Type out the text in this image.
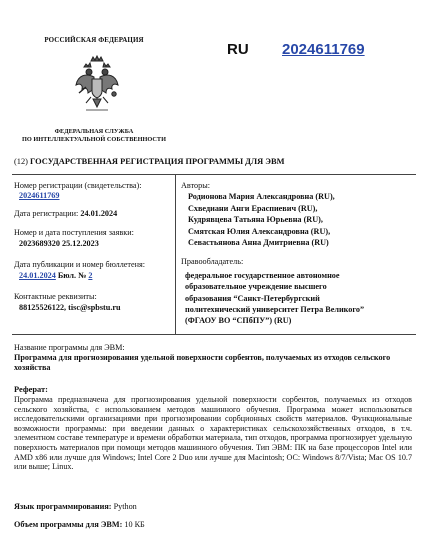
РОССИЙСКАЯ ФЕДЕРАЦИЯ
ФЕДЕРАЛЬНАЯ СЛУЖБА
ПО ИНТЕЛЛЕКТУАЛЬНОЙ СОБСТВЕННОСТИ
RU 2024611769
(12) ГОСУДАРСТВЕННАЯ РЕГИСТРАЦИЯ ПРОГРАММЫ ДЛЯ ЭВМ
Номер регистрации (свидетельства):
2024611769
Дата регистрации: 24.01.2024
Номер и дата поступления заявки:
2023689320 25.12.2023
Дата публикации и номер бюллетеня:
24.01.2024 Бюл. № 2
Контактные реквизиты:
88125526122, tisc@spbstu.ru
Авторы:
Родионова Мария Александровна (RU),
Схведиани Анги Ераспиевич (RU),
Кудрявцева Татьяна Юрьевна (RU),
Смятская Юлия Александровна (RU),
Севастьянова Анна Дмитриевна (RU)
Правообладатель:
федеральное государственное автономное
образовательное учреждение высшего
образования “Санкт-Петербургский
политехнический университет Петра Великого”
(ФГАОУ ВО “СПбПУ”) (RU)
Название программы для ЭВМ:
Программа для прогнозирования удельной поверхности сорбентов, получаемых из отходов сельского хозяйства
Реферат:
Программа предназначена для прогнозирования удельной поверхности сорбентов, получаемых из отходов сельского хозяйства, с использованием методов машинного обучения. Программа может использоваться исследовательскими организациями при прогнозировании сорбционных свойств материалов. Функциональные возможности программы: при введении данных о характеристиках сельскохозяйственных отходов, в т.ч. элементном составе температуре и времени обработки материала, тип отходов, программа прогнозирует удельную поверхность материалов при помощи методов машинного обучения. Тип ЭВМ: ПК на базе процессоров Intel или AMD x86 или лучше для Windows; Intel Core 2 Duo или лучше для Macintosh; ОС: Windows 8/7/Vista; Mac OS 10.7 или выше; Linux.
Язык программирования: Python
Объем программы для ЭВМ: 10 КБ
